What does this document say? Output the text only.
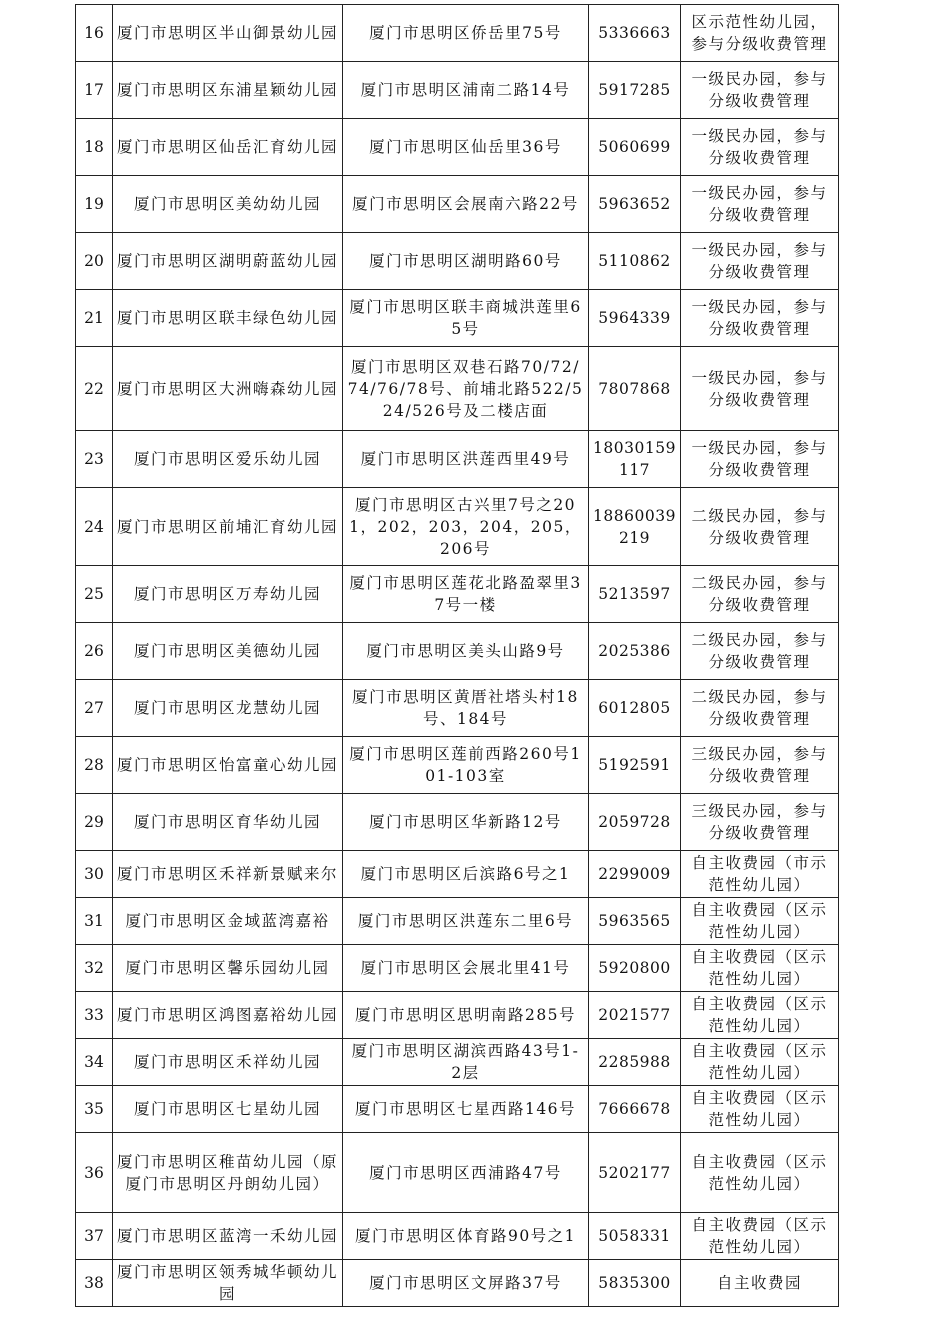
16	厦门市思明区半山御景幼儿园	厦门市思明区侨岳里75号	5336663	区示范性幼儿园，参与分级收费管理
17	厦门市思明区东浦星颖幼儿园	厦门市思明区浦南二路14号	5917285	一级民办园，参与分级收费管理
18	厦门市思明区仙岳汇育幼儿园	厦门市思明区仙岳里36号	5060699	一级民办园，参与分级收费管理
19	厦门市思明区美幼幼儿园	厦门市思明区会展南六路22号	5963652	一级民办园，参与分级收费管理
20	厦门市思明区湖明蔚蓝幼儿园	厦门市思明区湖明路60号	5110862	一级民办园，参与分级收费管理
21	厦门市思明区联丰绿色幼儿园	厦门市思明区联丰商城洪莲里65号	5964339	一级民办园，参与分级收费管理
22	厦门市思明区大洲嗨森幼儿园	厦门市思明区双巷石路70/72/74/76/78号、前埔北路522/524/526号及二楼店面	7807868	一级民办园，参与分级收费管理
23	厦门市思明区爱乐幼儿园	厦门市思明区洪莲西里49号	18030159117	一级民办园，参与分级收费管理
24	厦门市思明区前埔汇育幼儿园	厦门市思明区古兴里7号之201，202，203，204，205，206号	18860039219	二级民办园，参与分级收费管理
25	厦门市思明区万寿幼儿园	厦门市思明区莲花北路盈翠里37号一楼	5213597	二级民办园，参与分级收费管理
26	厦门市思明区美德幼儿园	厦门市思明区美头山路9号	2025386	二级民办园，参与分级收费管理
27	厦门市思明区龙慧幼儿园	厦门市思明区黄厝社塔头村18号、184号	6012805	二级民办园，参与分级收费管理
28	厦门市思明区怡富童心幼儿园	厦门市思明区莲前西路260号101-103室	5192591	三级民办园，参与分级收费管理
29	厦门市思明区育华幼儿园	厦门市思明区华新路12号	2059728	三级民办园，参与分级收费管理
30	厦门市思明区禾祥新景赋来尔	厦门市思明区后滨路6号之1	2299009	自主收费园（市示范性幼儿园）
31	厦门市思明区金域蓝湾嘉裕	厦门市思明区洪莲东二里6号	5963565	自主收费园（区示范性幼儿园）
32	厦门市思明区馨乐园幼儿园	厦门市思明区会展北里41号	5920800	自主收费园（区示范性幼儿园）
33	厦门市思明区鸿图嘉裕幼儿园	厦门市思明区思明南路285号	2021577	自主收费园（区示范性幼儿园）
34	厦门市思明区禾祥幼儿园	厦门市思明区湖滨西路43号1-2层	2285988	自主收费园（区示范性幼儿园）
35	厦门市思明区七星幼儿园	厦门市思明区七星西路146号	7666678	自主收费园（区示范性幼儿园）
36	厦门市思明区稚苗幼儿园（原厦门市思明区丹朗幼儿园）	厦门市思明区西浦路47号	5202177	自主收费园（区示范性幼儿园）
37	厦门市思明区蓝湾一禾幼儿园	厦门市思明区体育路90号之1	5058331	自主收费园（区示范性幼儿园）
38	厦门市思明区领秀城华顿幼儿园	厦门市思明区文屏路37号	5835300	自主收费园
